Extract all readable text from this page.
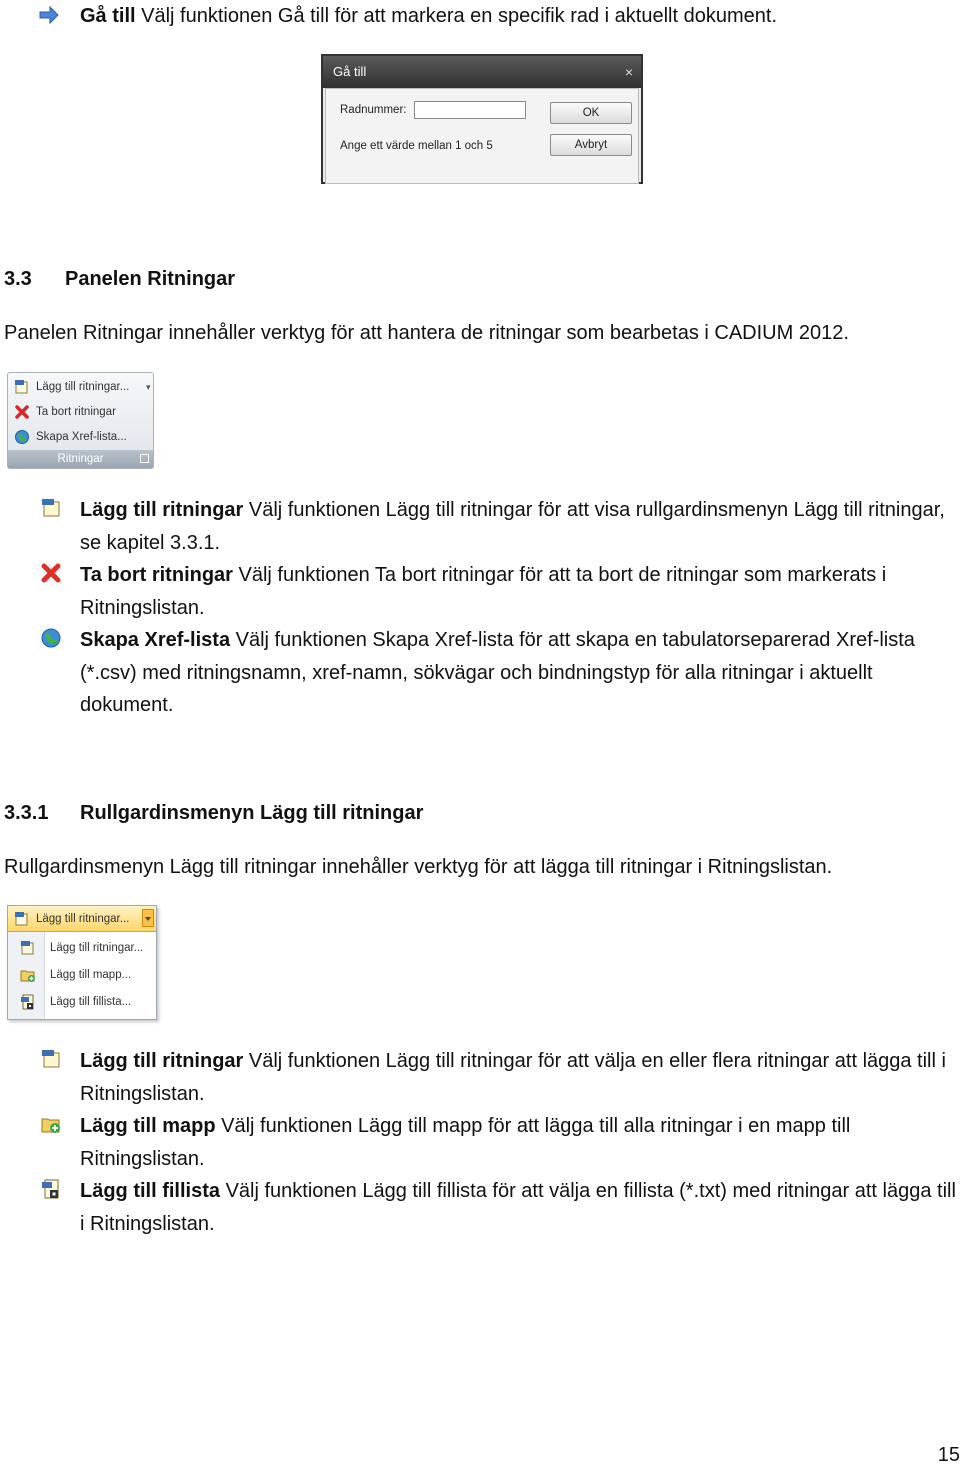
Gå till Välj funktionen Gå till för att markera en specifik rad i aktuellt dokument.
Gå till	×
Radnummer:
Ange ett värde mellan 1 och 5
OK
Avbryt
3.3 Panelen Ritningar
Panelen Ritningar innehåller verktyg för att hantera de ritningar som bearbetas i CADIUM 2012.
Lägg till ritningar... ▾
Ta bort ritningar
Skapa Xref-lista...
Ritningar
Lägg till ritningar Välj funktionen Lägg till ritningar för att visa rullgardinsmenyn Lägg till ritningar, se kapitel 3.3.1.
Ta bort ritningar Välj funktionen Ta bort ritningar för att ta bort de ritningar som markerats i Ritningslistan.
Skapa Xref-lista Välj funktionen Skapa Xref-lista för att skapa en tabulatorseparerad Xref-lista (*.csv) med ritningsnamn, xref-namn, sökvägar och bindningstyp för alla ritningar i aktuellt dokument.
3.3.1 Rullgardinsmenyn Lägg till ritningar
Rullgardinsmenyn Lägg till ritningar innehåller verktyg för att lägga till ritningar i Ritningslistan.
Lägg till ritningar...
Lägg till ritningar...
Lägg till mapp...
Lägg till fillista...
Lägg till ritningar Välj funktionen Lägg till ritningar för att välja en eller flera ritningar att lägga till i Ritningslistan.
Lägg till mapp Välj funktionen Lägg till mapp för att lägga till alla ritningar i en mapp till Ritningslistan.
Lägg till fillista Välj funktionen Lägg till fillista för att välja en fillista (*.txt) med ritningar att lägga till i Ritningslistan.
15
